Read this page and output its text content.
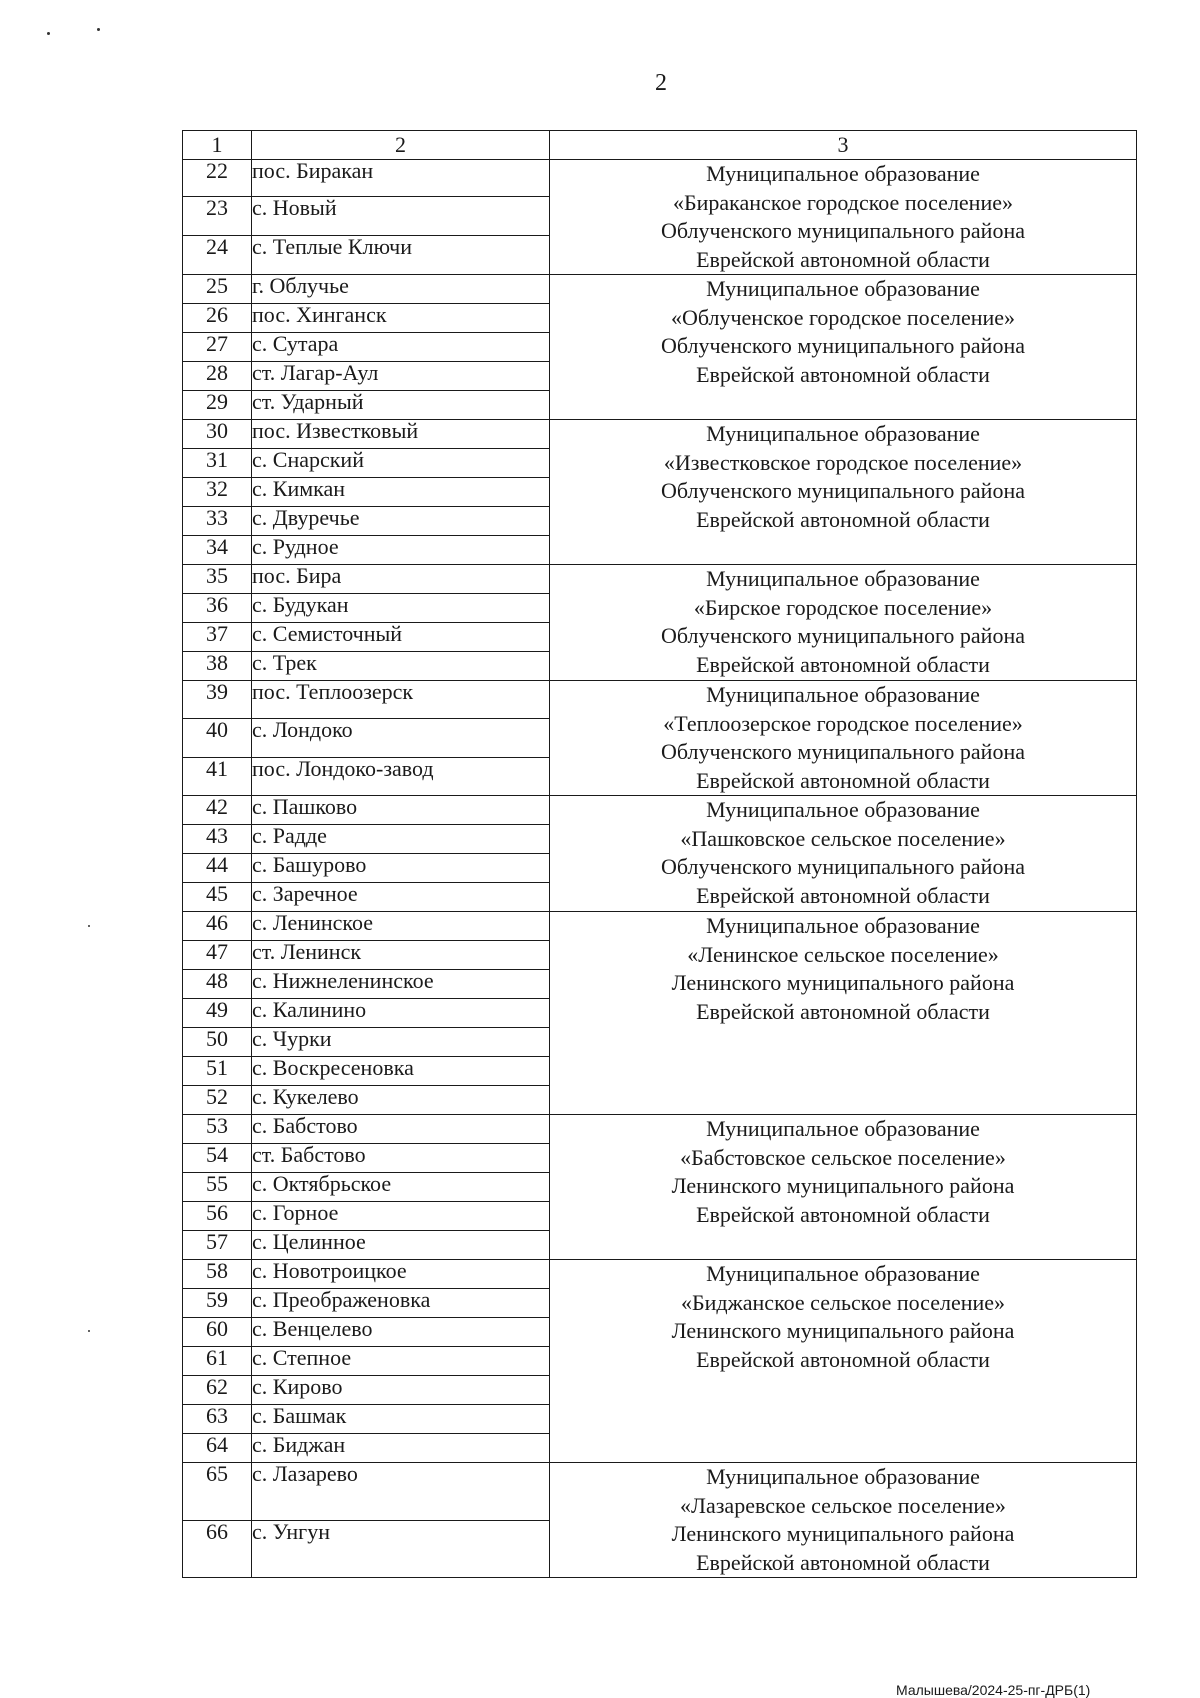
2
1	2	3
22	пос. Биракан	Муниципальное образование
«Бираканское городское поселение»
Облученского муниципального района
Еврейской автономной области

23	с. Новый	
24	с. Теплые Ключи	
25	г. Облучье	Муниципальное образование
«Облученское городское поселение»
Облученского муниципального района
Еврейской автономной области

26	пос. Хинганск	
27	с. Сутара	
28	ст. Лагар-Аул	
29	ст. Ударный	
30	пос. Известковый	Муниципальное образование
«Известковское городское поселение»
Облученского муниципального района
Еврейской автономной области

31	с. Снарский	
32	с. Кимкан	
33	с. Двуречье	
34	с. Рудное	
35	пос. Бира	Муниципальное образование
«Бирское городское поселение»
Облученского муниципального района
Еврейской автономной области

36	с. Будукан	
37	с. Семисточный	
38	с. Трек	
39	пос. Теплоозерск	Муниципальное образование
«Теплоозерское городское поселение»
Облученского муниципального района
Еврейской автономной области

40	с. Лондоко	
41	пос. Лондоко-завод	
42	с. Пашково	Муниципальное образование
«Пашковское сельское поселение»
Облученского муниципального района
Еврейской автономной области

43	с. Радде	
44	с. Башурово	
45	с. Заречное	
46	с. Ленинское	Муниципальное образование
«Ленинское сельское поселение»
Ленинского муниципального района
Еврейской автономной области

47	ст. Ленинск	
48	с. Нижнеленинское	
49	с. Калинино	
50	с. Чурки	
51	с. Воскресеновка	
52	с. Кукелево	
53	с. Бабстово	Муниципальное образование
«Бабстовское сельское поселение»
Ленинского муниципального района
Еврейской автономной области

54	ст. Бабстово	
55	с. Октябрьское	
56	с. Горное	
57	с. Целинное	
58	с. Новотроицкое	Муниципальное образование
«Биджанское сельское поселение»
Ленинского муниципального района
Еврейской автономной области

59	с. Преображеновка	
60	с. Венцелево	
61	с. Степное	
62	с. Кирово	
63	с. Башмак	
64	с. Биджан	
65	с. Лазарево	Муниципальное образование
«Лазаревское сельское поселение»
Ленинского муниципального района
Еврейской автономной области

66	с. Унгун	
Малышева/2024-25-пг-ДРБ(1)
